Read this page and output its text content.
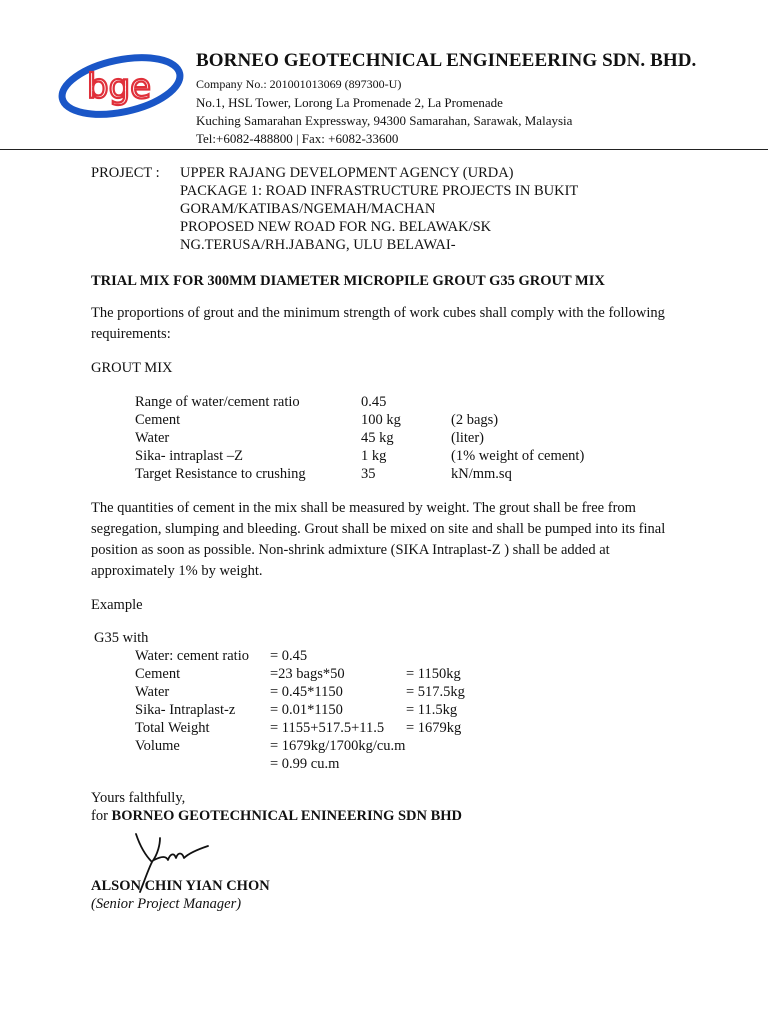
bge
BORNEO GEOTECHNICAL ENGINEEERING SDN. BHD.
Company No.: 201001013069 (897300-U)
No.1, HSL Tower, Lorong La Promenade 2, La Promenade
Kuching Samarahan Expressway, 94300 Samarahan, Sarawak, Malaysia
Tel:+6082-488800 | Fax: +6082-33600
PROJECT : UPPER RAJANG DEVELOPMENT AGENCY (URDA)
PACKAGE 1: ROAD INFRASTRUCTURE PROJECTS IN BUKIT
GORAM/KATIBAS/NGEMAH/MACHAN
PROPOSED NEW ROAD FOR NG. BELAWAK/SK
NG.TERUSA/RH.JABANG, ULU BELAWAI-
TRIAL MIX FOR 300MM DIAMETER MICROPILE GROUT G35 GROUT MIX
The proportions of grout and the minimum strength of work cubes shall comply with the following requirements:
GROUT MIX
Range of water/cement ratio	0.45
Cement	100 kg	(2 bags)
Water	45 kg	(liter)
Sika- intraplast –Z	1 kg	(1% weight of cement)
Target Resistance to crushing	35	kN/mm.sq
The quantities of cement in the mix shall be measured by weight. The grout shall be free from segregation, slumping and bleeding. Grout shall be mixed on site and shall be pumped into its final position as soon as possible. Non-shrink admixture (SIKA Intraplast-Z ) shall be added at approximately 1% by weight.
Example
G35 with
Water: cement ratio = 0.45
Cement	=23 bags*50	= 1150kg
Water	= 0.45*1150	= 517.5kg
Sika- Intraplast-z = 0.01*1150	= 11.5kg
Total Weight	= 1155+517.5+11.5 = 1679kg
Volume	= 1679kg/1700kg/cu.m
= 0.99 cu.m
Yours falthfully,
for BORNEO GEOTECHNICAL ENINEERING SDN BHD
ALSON CHIN YIAN CHON
(Senior Project Manager)
